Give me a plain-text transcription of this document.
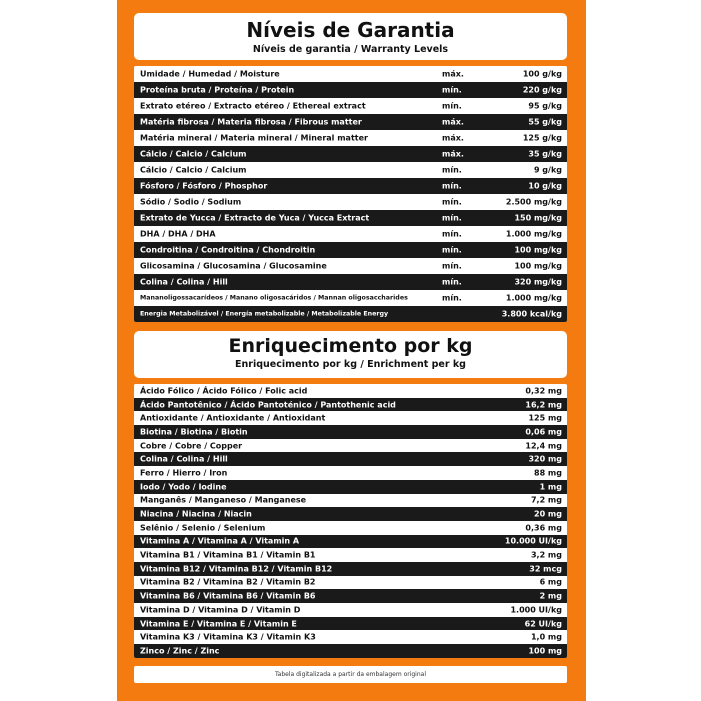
Níveis de Garantia
Níveis de garantia / Warranty Levels
Umidade / Humedad / Moisture	máx.	100 g/kg
Proteína bruta / Proteína / Protein	mín.	220 g/kg
Extrato etéreo / Extracto etéreo / Ethereal extract	mín.	95 g/kg
Matéria fibrosa / Materia fibrosa / Fibrous matter	máx.	55 g/kg
Matéria mineral / Materia mineral / Mineral matter	máx.	125 g/kg
Cálcio / Calcio / Calcium	máx.	35 g/kg
Cálcio / Calcio / Calcium	mín.	9 g/kg
Fósforo / Fósforo / Phosphor	mín.	10 g/kg
Sódio / Sodio / Sodium	mín.	2.500 mg/kg
Extrato de Yucca / Extracto de Yuca / Yucca Extract	mín.	150 mg/kg
DHA / DHA / DHA	mín.	1.000 mg/kg
Condroitina / Condroitina / Chondroitin	mín.	100 mg/kg
Glicosamina / Glucosamina / Glucosamine	mín.	100 mg/kg
Colina / Colina / Hill	mín.	320 mg/kg
Mananoligossacarídeos / Manano oligosacáridos / Mannan oligosaccharides	mín.	1.000 mg/kg
Energia Metabolizável / Energía metabolizable / Metabolizable Energy	3.800 kcal/kg
Enriquecimento por kg
Enriquecimento por kg / Enrichment per kg
Ácido Fólico / Ácido Fólico / Folic acid	0,32 mg
Ácido Pantotênico / Ácido Pantoténico / Pantothenic acid	16,2 mg
Antioxidante / Antioxidante / Antioxidant	125 mg
Biotina / Biotina / Biotin	0,06 mg
Cobre / Cobre / Copper	12,4 mg
Colina / Colina / Hill	320 mg
Ferro / Hierro / Iron	88 mg
Iodo / Yodo / Iodine	1 mg
Manganês / Manganeso / Manganese	7,2 mg
Niacina / Niacina / Niacin	20 mg
Selênio / Selenio / Selenium	0,36 mg
Vitamina A / Vitamina A / Vitamin A	10.000 UI/kg
Vitamina B1 / Vitamina B1 / Vitamin B1	3,2 mg
Vitamina B12 / Vitamina B12 / Vitamin B12	32 mcg
Vitamina B2 / Vitamina B2 / Vitamin B2	6 mg
Vitamina B6 / Vitamina B6 / Vitamin B6	2 mg
Vitamina D / Vitamina D / Vitamin D	1.000 UI/kg
Vitamina E / Vitamina E / Vitamin E	62 UI/kg
Vitamina K3 / Vitamina K3 / Vitamin K3	1,0 mg
Zinco / Zinc / Zinc	100 mg
Tabela digitalizada a partir da embalagem original
